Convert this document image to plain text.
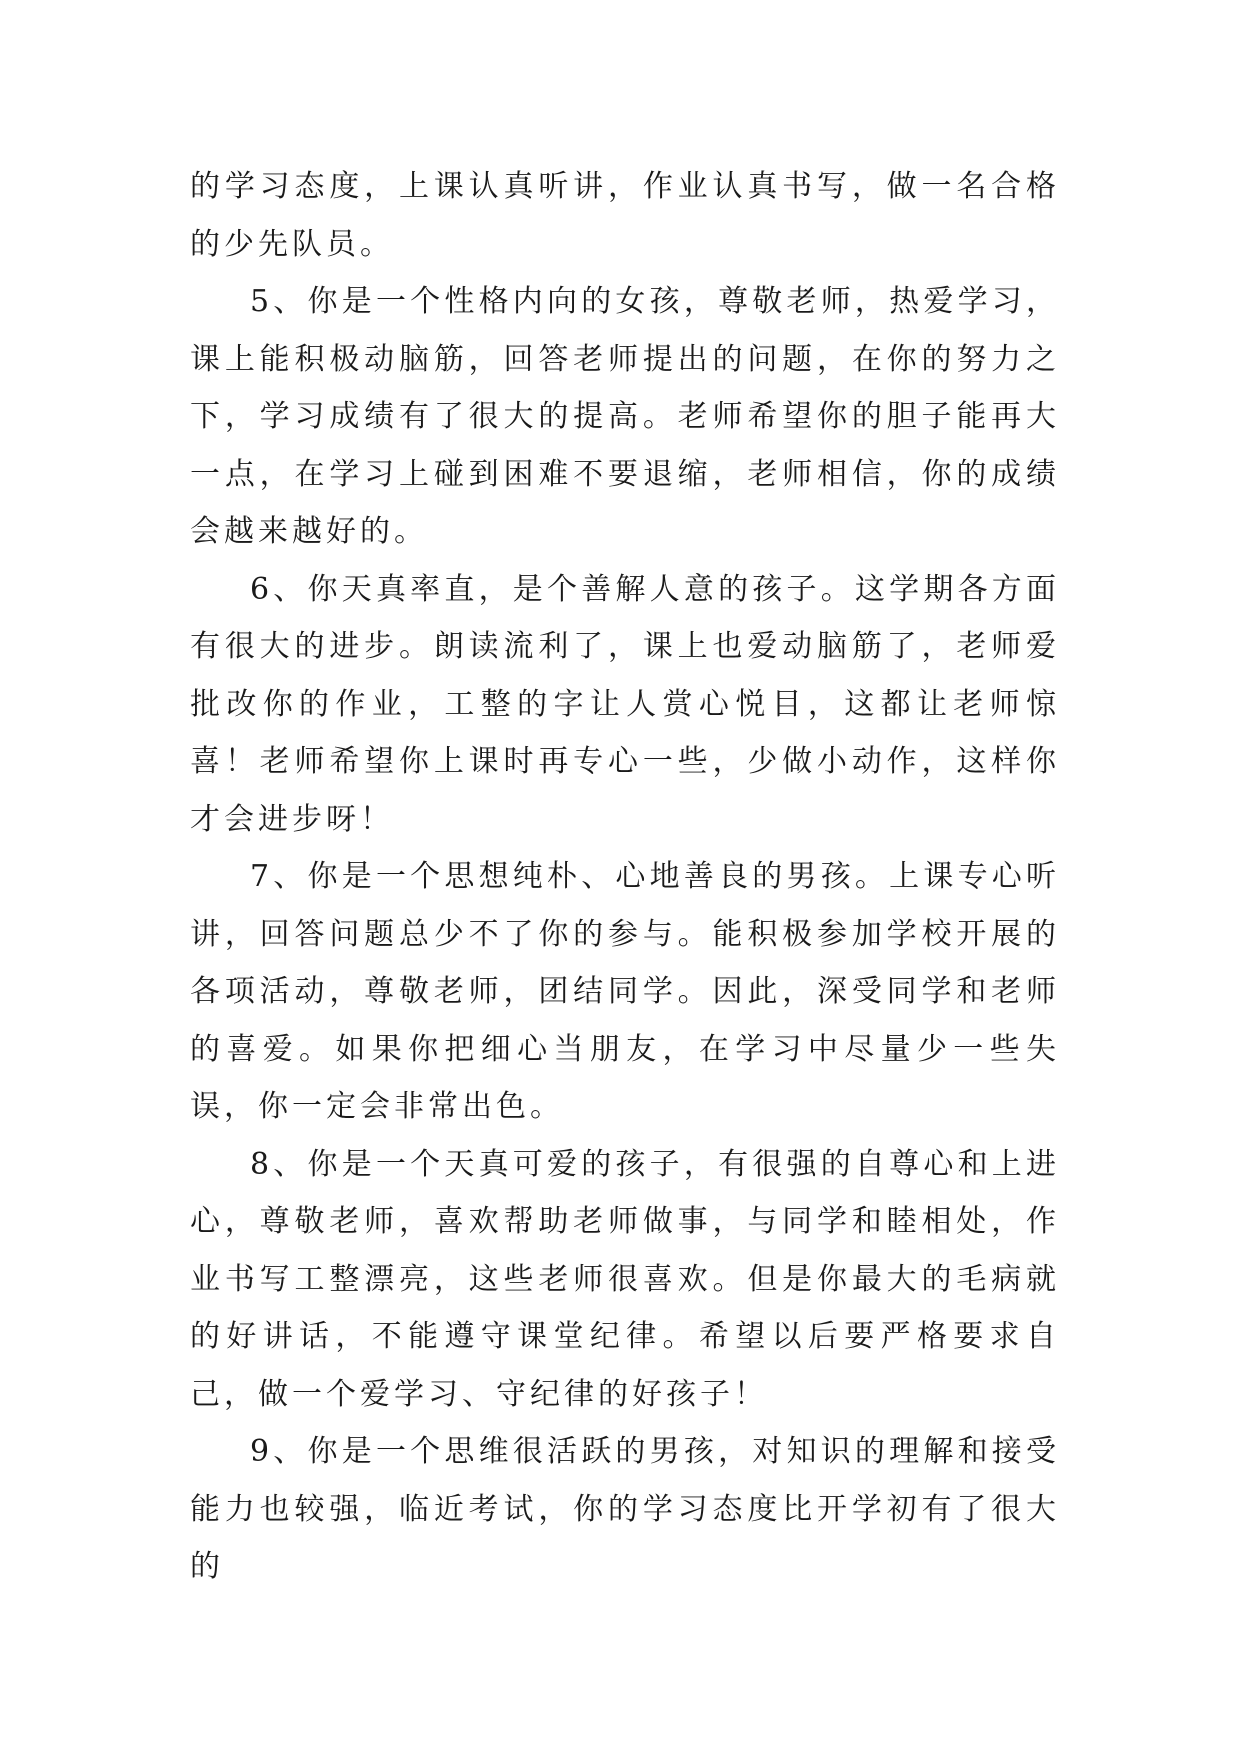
的学习态度，上课认真听讲，作业认真书写，做一名合格的少先队员。

5、你是一个性格内向的女孩，尊敬老师，热爱学习，课上能积极动脑筋，回答老师提出的问题，在你的努力之下，学习成绩有了很大的提高。老师希望你的胆子能再大一点，在学习上碰到困难不要退缩，老师相信，你的成绩会越来越好的。

6、你天真率直，是个善解人意的孩子。这学期各方面有很大的进步。朗读流利了，课上也爱动脑筋了，老师爱批改你的作业，工整的字让人赏心悦目，这都让老师惊喜！老师希望你上课时再专心一些，少做小动作，这样你才会进步呀！

7、你是一个思想纯朴、心地善良的男孩。上课专心听讲，回答问题总少不了你的参与。能积极参加学校开展的各项活动，尊敬老师，团结同学。因此，深受同学和老师的喜爱。如果你把细心当朋友，在学习中尽量少一些失误，你一定会非常出色。

8、你是一个天真可爱的孩子，有很强的自尊心和上进心，尊敬老师，喜欢帮助老师做事，与同学和睦相处，作业书写工整漂亮，这些老师很喜欢。但是你最大的毛病就的好讲话，不能遵守课堂纪律。希望以后要严格要求自己，做一个爱学习、守纪律的好孩子！

9、你是一个思维很活跃的男孩，对知识的理解和接受能力也较强，临近考试，你的学习态度比开学初有了很大的
